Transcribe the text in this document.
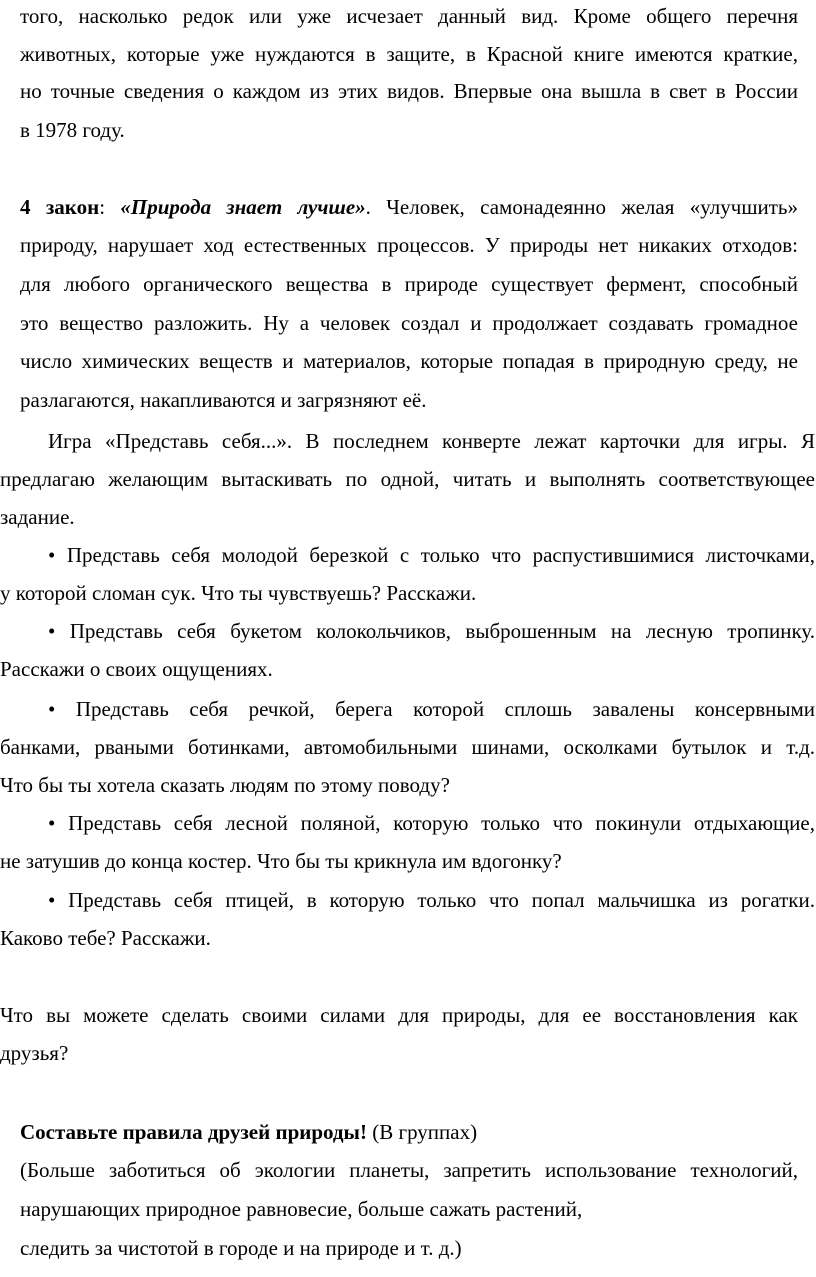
того, насколько редок или уже исчезает данный вид. Кроме общего перечня
животных, которые уже нуждаются в защите, в Красной книге имеются краткие,
но точные сведения о каждом из этих видов. Впервые она вышла в свет в России
в 1978 году.
4 закон: «Природа знает лучше». Человек, самонадеянно желая «улучшить»
природу, нарушает ход естественных процессов. У природы нет никаких отходов:
для любого органического вещества в природе существует фермент, способный
это вещество разложить. Ну а человек создал и продолжает создавать громадное
число химических веществ и материалов, которые попадая в природную среду, не
разлагаются, накапливаются и загрязняют её.
Игра «Представь себя...». В последнем конверте лежат карточки для игры. Я
предлагаю желающим вытаскивать по одной, читать и выполнять соответствующее
задание.
• Представь себя молодой березкой с только что распустившимися листочками,
у которой сломан сук. Что ты чувствуешь? Расскажи.
• Представь себя букетом колокольчиков, выброшенным на лесную тропинку.
Расскажи о своих ощущениях.
• Представь себя речкой, берега которой сплошь завалены консервными
банками, рваными ботинками, автомобильными шинами, осколками бутылок и т.д.
Что бы ты хотела сказать людям по этому поводу?
• Представь себя лесной поляной, которую только что покинули отдыхающие,
не затушив до конца костер. Что бы ты крикнула им вдогонку?
• Представь себя птицей, в которую только что попал мальчишка из рогатки.
Каково тебе? Расскажи.
Что вы можете сделать своими силами для природы, для ее восстановления как
друзья?
Составьте правила друзей природы! (В группах)
(Больше заботиться об экологии планеты, запретить использование технологий,
нарушающих природное равновесие, больше сажать растений,
следить за чистотой в городе и на природе и т. д.)
